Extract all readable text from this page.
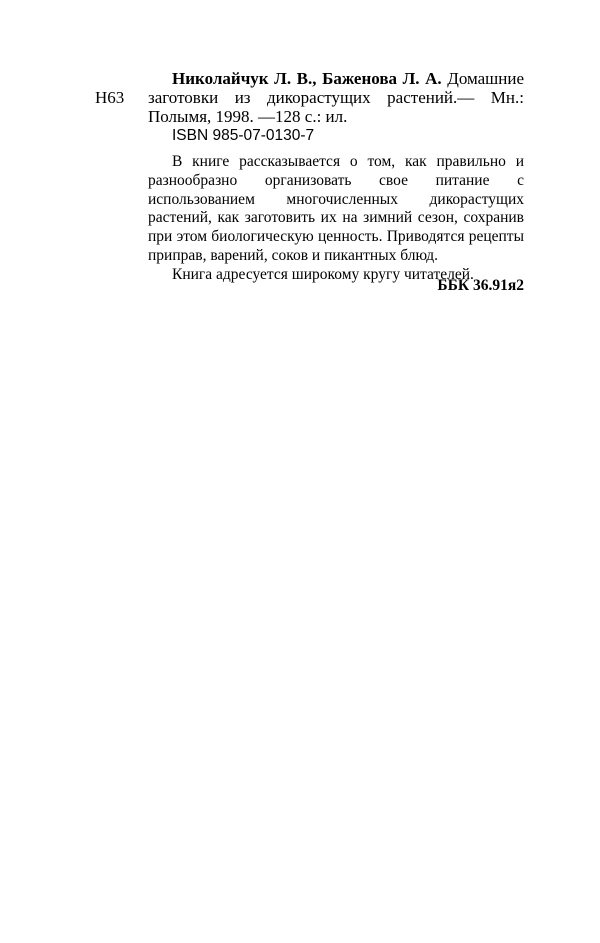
Н63

Николайчук Л. В., Баженова Л. А. Домашние заготовки из дикорастущих растений.— Мн.: Полымя, 1998. —128 с.: ил.

ISBN 985-07-0130-7

В книге рассказывается о том, как правильно и разнообразно организовать свое питание с использованием многочисленных дикорастущих растений, как заготовить их на зимний сезон, сохранив при этом биологическую ценность. Приводятся рецепты приправ, варений, соков и пикантных блюд.

Книга адресуется широкому кругу читателей.

ББК 36.91я2
